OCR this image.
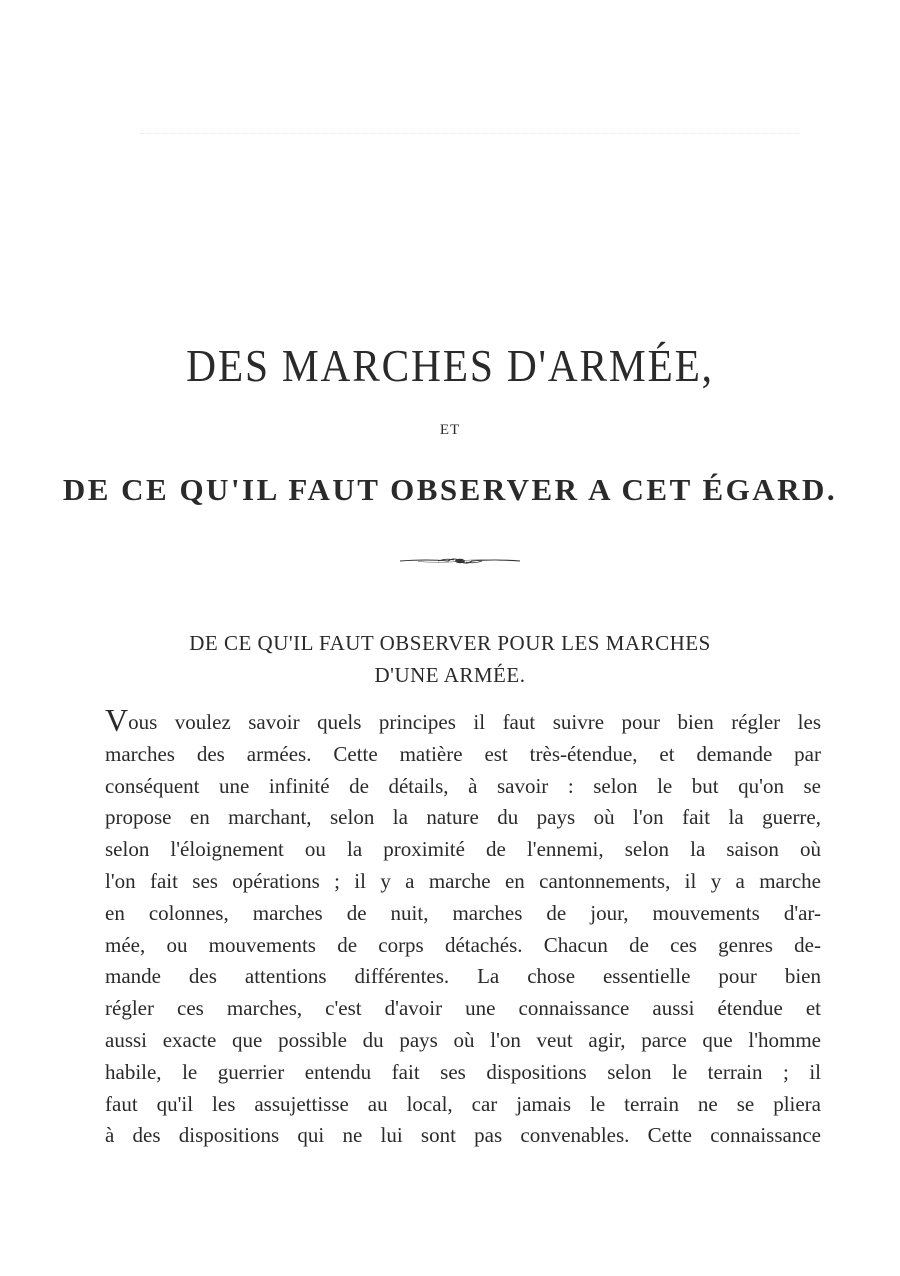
DES MARCHES D'ARMÉE,
ET
DE CE QU'IL FAUT OBSERVER A CET ÉGARD.
DE CE QU'IL FAUT OBSERVER POUR LES MARCHES
D'UNE ARMÉE.
Vous voulez savoir quels principes il faut suivre pour bien régler les
marches des armées. Cette matière est très-étendue, et demande par
conséquent une infinité de détails, à savoir : selon le but qu'on se
propose en marchant, selon la nature du pays où l'on fait la guerre,
selon l'éloignement ou la proximité de l'ennemi, selon la saison où
l'on fait ses opérations ; il y a marche en cantonnements, il y a marche
en colonnes, marches de nuit, marches de jour, mouvements d'ar-
mée, ou mouvements de corps détachés. Chacun de ces genres de-
mande des attentions différentes. La chose essentielle pour bien
régler ces marches, c'est d'avoir une connaissance aussi étendue et
aussi exacte que possible du pays où l'on veut agir, parce que l'homme
habile, le guerrier entendu fait ses dispositions selon le terrain ; il
faut qu'il les assujettisse au local, car jamais le terrain ne se pliera
à des dispositions qui ne lui sont pas convenables. Cette connaissance
